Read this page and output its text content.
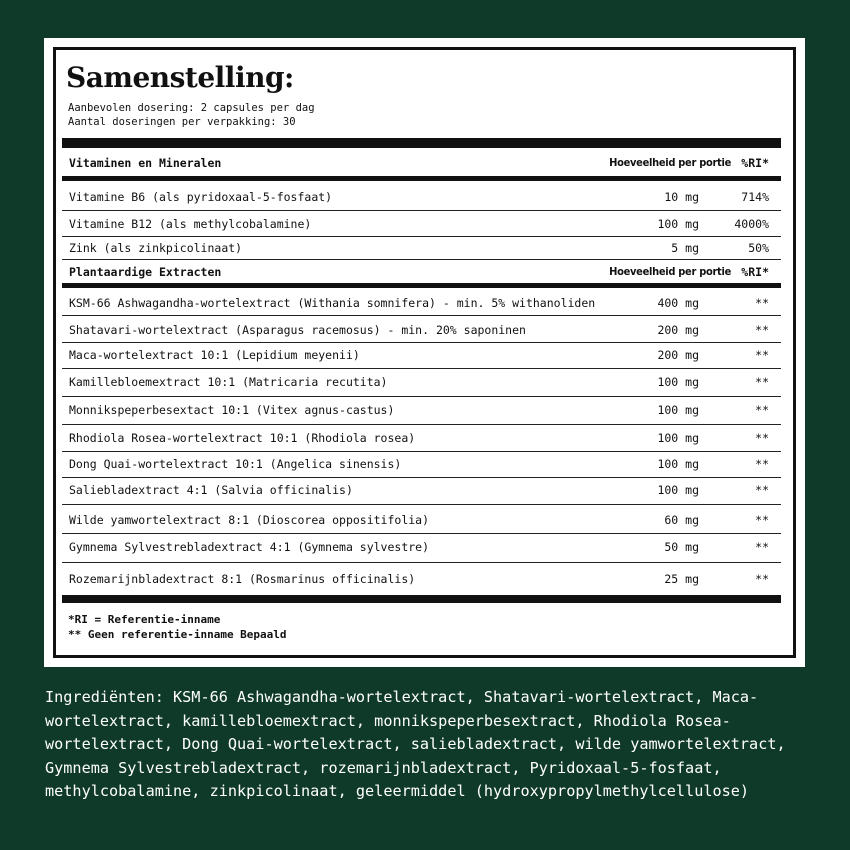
Samenstelling:
Aanbevolen dosering: 2 capsules per dag
Aantal doseringen per verpakking: 30
Vitaminen en Mineralen	Hoeveelheid per portie %RI*
Vitamine B6 (als pyridoxaal-5-fosfaat)	10 mg	714%
Vitamine B12 (als methylcobalamine)	100 mg	4000%
Zink (als zinkpicolinaat)	5 mg	50%
Plantaardige Extracten	Hoeveelheid per portie %RI*
KSM-66 Ashwagandha-wortelextract (Withania somnifera) - min. 5% withanoliden	400 mg	**
Shatavari-wortelextract (Asparagus racemosus) - min. 20% saponinen	200 mg	**
Maca-wortelextract 10:1 (Lepidium meyenii)	200 mg	**
Kamillebloemextract 10:1 (Matricaria recutita)	100 mg	**
Monnikspeperbesextact 10:1 (Vitex agnus-castus)	100 mg	**
Rhodiola Rosea-wortelextract 10:1 (Rhodiola rosea)	100 mg	**
Dong Quai-wortelextract 10:1 (Angelica sinensis)	100 mg	**
Saliebladextract 4:1 (Salvia officinalis)	100 mg	**
Wilde yamwortelextract 8:1 (Dioscorea oppositifolia)	60 mg	**
Gymnema Sylvestrebladextract 4:1 (Gymnema sylvestre)	50 mg	**
Rozemarijnbladextract 8:1 (Rosmarinus officinalis)	25 mg	**
*RI = Referentie-inname
** Geen referentie-inname Bepaald
Ingrediënten: KSM-66 Ashwagandha-wortelextract, Shatavari-wortelextract, Maca-wortelextract, kamillebloemextract, monnikspeperbesextract, Rhodiola Rosea-wortelextract, Dong Quai-wortelextract, saliebladextract, wilde yamwortelextract, Gymnema Sylvestrebladextract, rozemarijnbladextract, Pyridoxaal-5-fosfaat, methylcobalamine, zinkpicolinaat, geleermiddel (hydroxypropylmethylcellulose)
